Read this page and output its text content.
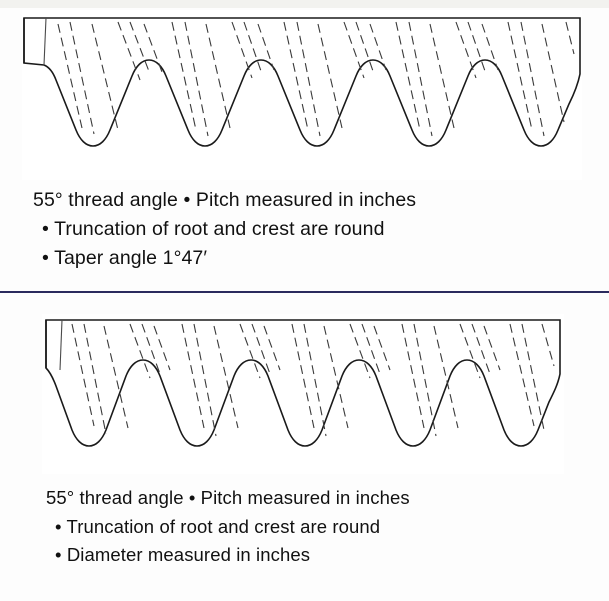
55° thread angle • Pitch measured in inches
• Truncation of root and crest are round
• Taper angle 1°47′
55° thread angle • Pitch measured in inches
• Truncation of root and crest are round
• Diameter measured in inches
